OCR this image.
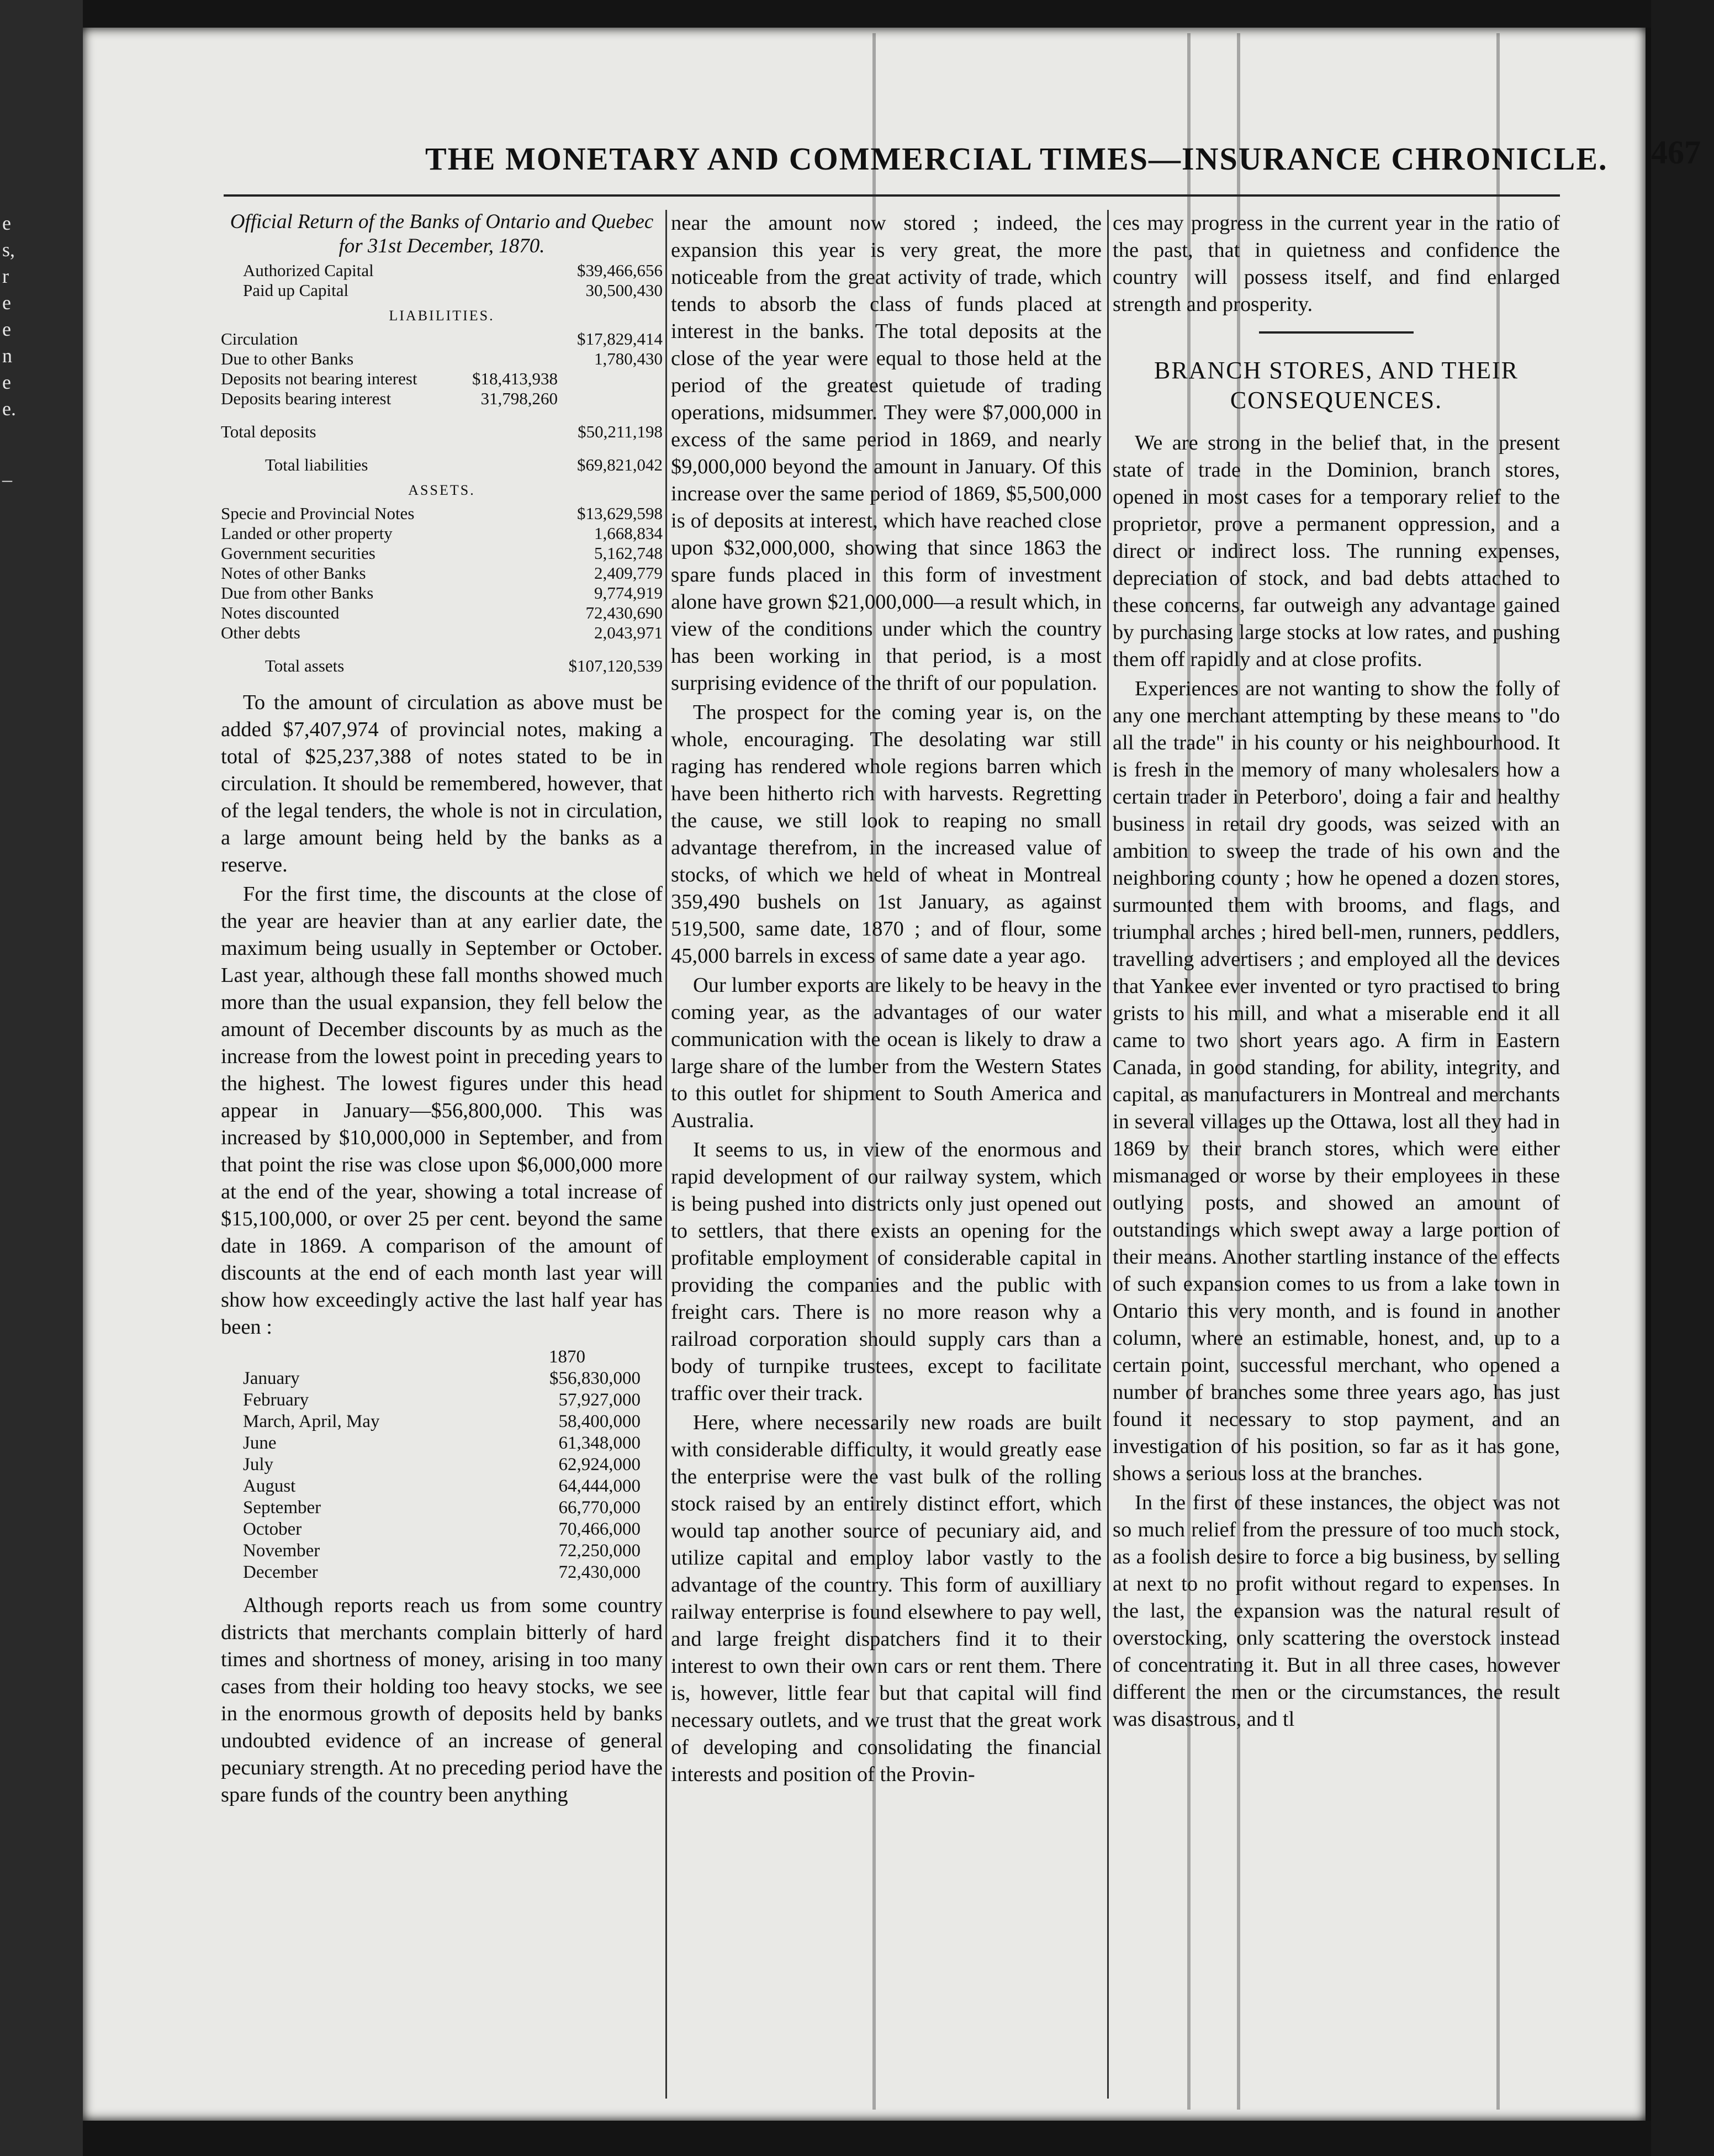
e
s,
r
e
e
n
e
e.
–
THE MONETARY AND COMMERCIAL TIMES—INSURANCE CHRONICLE. 467
Official Return of the Banks of Ontario and Quebec for 31st December, 1870.
Authorized Capital	$39,466,656
Paid up Capital	30,500,430
LIABILITIES.
Circulation	$17,829,414
Due to other Banks	1,780,430
Deposits not bearing interest	$18,413,938
Deposits bearing interest	31,798,260
Total deposits	$50,211,198
Total liabilities	$69,821,042
ASSETS.
Specie and Provincial Notes	$13,629,598
Landed or other property	1,668,834
Government securities	5,162,748
Notes of other Banks	2,409,779
Due from other Banks	9,774,919
Notes discounted	72,430,690
Other debts	2,043,971
Total assets	$107,120,539

To the amount of circulation as above must be added $7,407,974 of provincial notes, making a total of $25,237,388 of notes stated to be in circulation. It should be remembered, however, that of the legal tenders, the whole is not in circulation, a large amount being held by the banks as a reserve.

For the first time, the discounts at the close of the year are heavier than at any earlier date, the maximum being usually in September or October. Last year, although these fall months showed much more than the usual expansion, they fell below the amount of December discounts by as much as the increase from the lowest point in preceding years to the highest. The lowest figures under this head appear in January—$56,800,000. This was increased by $10,000,000 in September, and from that point the rise was close upon $6,000,000 more at the end of the year, showing a total increase of $15,100,000, or over 25 per cent. beyond the same date in 1869. A comparison of the amount of discounts at the end of each month last year will show how exceedingly active the last half year has been :

1870
January	$56,830,000
February	57,927,000
March, April, May	58,400,000
June	61,348,000
July	62,924,000
August	64,444,000
September	66,770,000
October	70,466,000
November	72,250,000
December	72,430,000

Although reports reach us from some country districts that merchants complain bitterly of hard times and shortness of money, arising in too many cases from their holding too heavy stocks, we see in the enormous growth of deposits held by banks undoubted evidence of an increase of general pecuniary strength. At no preceding period have the spare funds of the country been anything

near the amount now stored ; indeed, the expansion this year is very great, the more noticeable from the great activity of trade, which tends to absorb the class of funds placed at interest in the banks. The total deposits at the close of the year were equal to those held at the period of the greatest quietude of trading operations, midsummer. They were $7,000,000 in excess of the same period in 1869, and nearly $9,000,000 beyond the amount in January. Of this increase over the same period of 1869, $5,500,000 is of deposits at interest, which have reached close upon $32,000,000, showing that since 1863 the spare funds placed in this form of investment alone have grown $21,000,000—a result which, in view of the conditions under which the country has been working in that period, is a most surprising evidence of the thrift of our population.

The prospect for the coming year is, on the whole, encouraging. The desolating war still raging has rendered whole regions barren which have been hitherto rich with harvests. Regretting the cause, we still look to reaping no small advantage therefrom, in the increased value of stocks, of which we held of wheat in Montreal 359,490 bushels on 1st January, as against 519,500, same date, 1870 ; and of flour, some 45,000 barrels in excess of same date a year ago.

Our lumber exports are likely to be heavy in the coming year, as the advantages of our water communication with the ocean is likely to draw a large share of the lumber from the Western States to this outlet for shipment to South America and Australia.

It seems to us, in view of the enormous and rapid development of our railway system, which is being pushed into districts only just opened out to settlers, that there exists an opening for the profitable employment of considerable capital in providing the companies and the public with freight cars. There is no more reason why a railroad corporation should supply cars than a body of turnpike trustees, except to facilitate traffic over their track.

Here, where necessarily new roads are built with considerable difficulty, it would greatly ease the enterprise were the vast bulk of the rolling stock raised by an entirely distinct effort, which would tap another source of pecuniary aid, and utilize capital and employ labor vastly to the advantage of the country. This form of auxilliary railway enterprise is found elsewhere to pay well, and large freight dispatchers find it to their interest to own their own cars or rent them. There is, however, little fear but that capital will find necessary outlets, and we trust that the great work of developing and consolidating the financial interests and position of the Provin-

ces may progress in the current year in the ratio of the past, that in quietness and confidence the country will possess itself, and find enlarged strength and prosperity.

BRANCH STORES, AND THEIR CONSEQUENCES.

We are strong in the belief that, in the present state of trade in the Dominion, branch stores, opened in most cases for a temporary relief to the proprietor, prove a permanent oppression, and a direct or indirect loss. The running expenses, depreciation of stock, and bad debts attached to these concerns, far outweigh any advantage gained by purchasing large stocks at low rates, and pushing them off rapidly and at close profits.

Experiences are not wanting to show the folly of any one merchant attempting by these means to "do all the trade" in his county or his neighbourhood. It is fresh in the memory of many wholesalers how a certain trader in Peterboro', doing a fair and healthy business in retail dry goods, was seized with an ambition to sweep the trade of his own and the neighboring county ; how he opened a dozen stores, surmounted them with brooms, and flags, and triumphal arches ; hired bell-men, runners, peddlers, travelling advertisers ; and employed all the devices that Yankee ever invented or tyro practised to bring grists to his mill, and what a miserable end it all came to two short years ago. A firm in Eastern Canada, in good standing, for ability, integrity, and capital, as manufacturers in Montreal and merchants in several villages up the Ottawa, lost all they had in 1869 by their branch stores, which were either mismanaged or worse by their employees in these outlying posts, and showed an amount of outstandings which swept away a large portion of their means. Another startling instance of the effects of such expansion comes to us from a lake town in Ontario this very month, and is found in another column, where an estimable, honest, and, up to a certain point, successful merchant, who opened a number of branches some three years ago, has just found it necessary to stop payment, and an investigation of his position, so far as it has gone, shows a serious loss at the branches.

In the first of these instances, the object was not so much relief from the pressure of too much stock, as a foolish desire to force a big business, by selling at next to no profit without regard to expenses. In the last, the expansion was the natural result of overstocking, only scattering the overstock instead of concentrating it. But in all three cases, however different the men or the circumstances, the result was disastrous, and tl
